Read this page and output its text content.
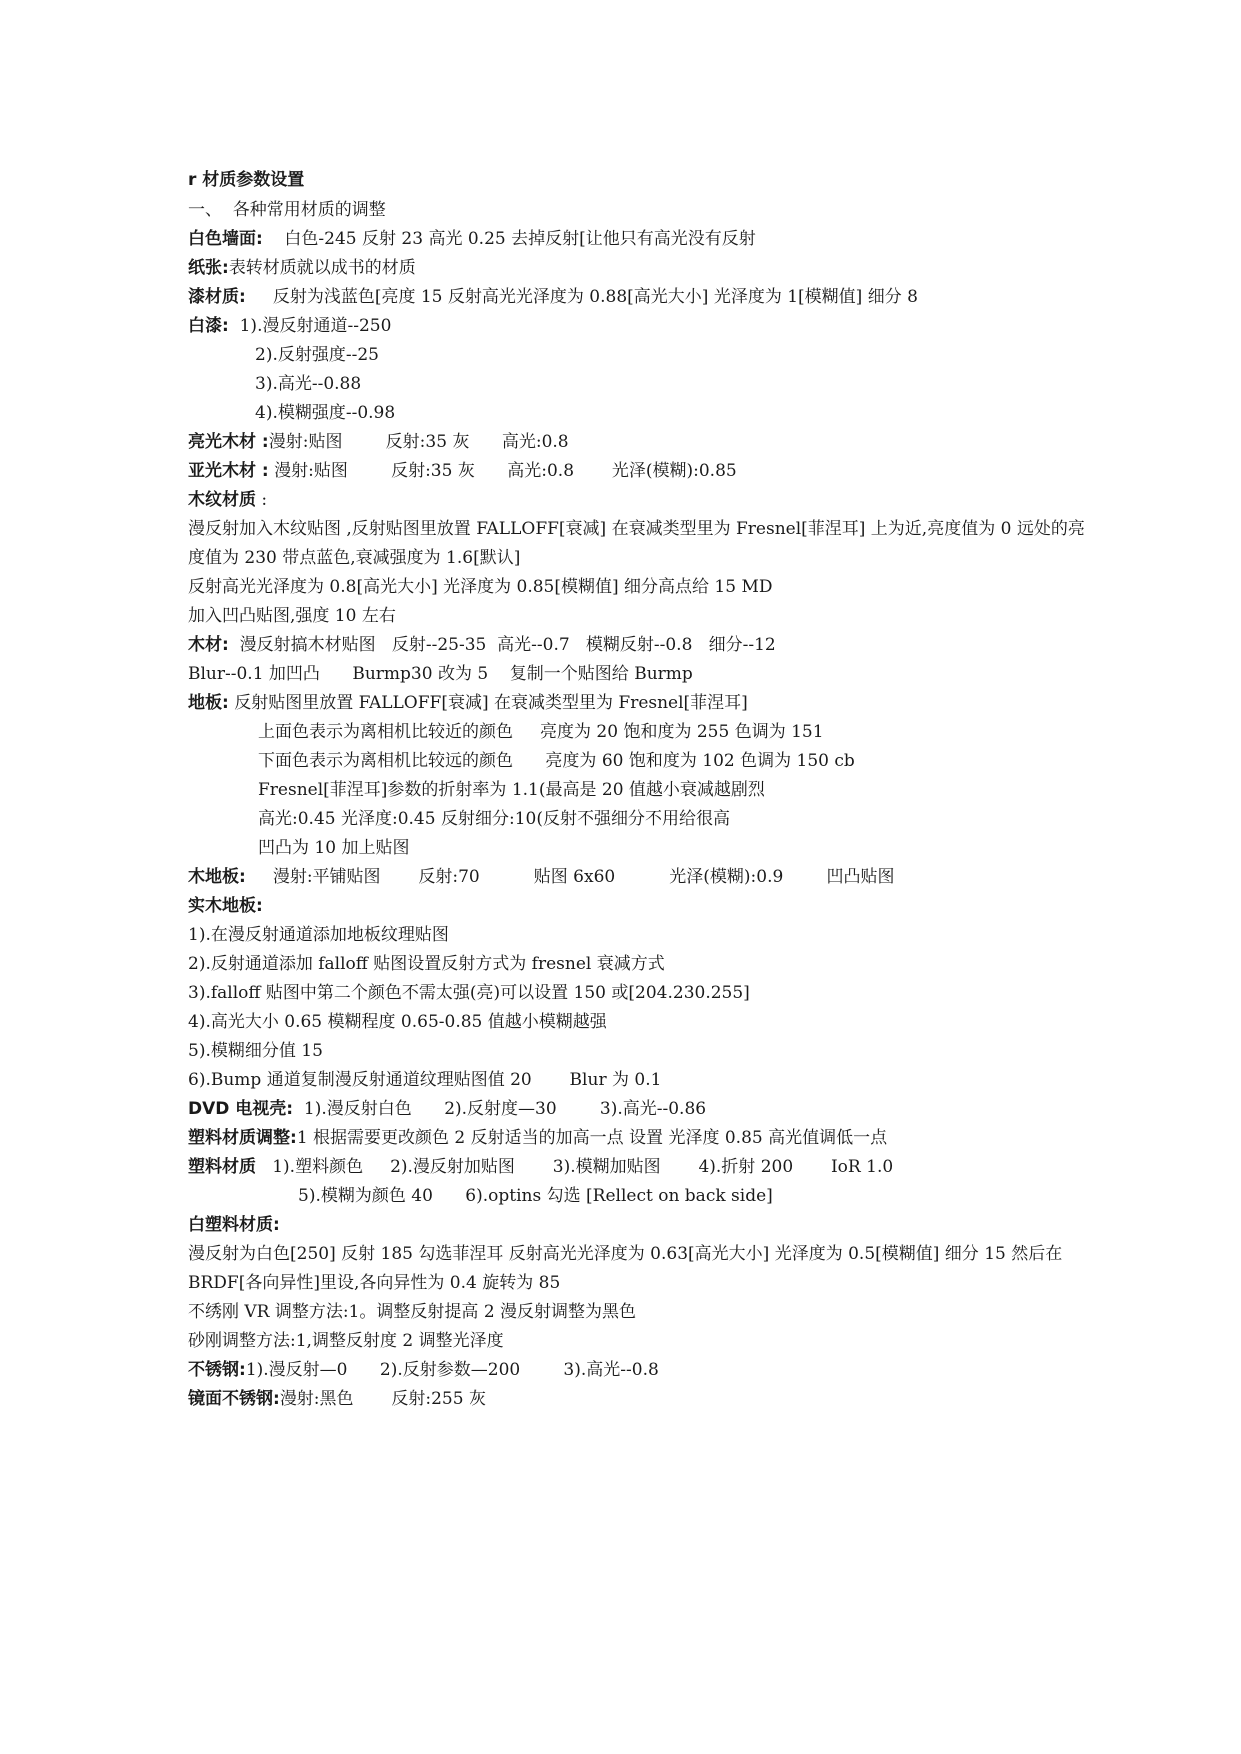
r 材质参数设置
一、  各种常用材质的调整
白色墙面:    白色-245 反射 23 高光 0.25 去掉反射[让他只有高光没有反射
纸张:表转材质就以成书的材质
漆材质:     反射为浅蓝色[亮度 15 反射高光光泽度为 0.88[高光大小] 光泽度为 1[模糊值] 细分 8
白漆:  1).漫反射通道--250
2).反射强度--25
3).高光--0.88
4).模糊强度--0.98
亮光木材 :漫射:贴图        反射:35 灰      高光:0.8
亚光木材 : 漫射:贴图        反射:35 灰      高光:0.8       光泽(模糊):0.85
木纹材质 :
漫反射加入木纹贴图 ,反射贴图里放置 FALLOFF[衰减] 在衰减类型里为 Fresnel[菲涅耳] 上为近,亮度值为 0 远处的亮
度值为 230 带点蓝色,衰减强度为 1.6[默认]
反射高光光泽度为 0.8[高光大小] 光泽度为 0.85[模糊值] 细分高点给 15 MD
加入凹凸贴图,强度 10 左右
木材:  漫反射搞木材贴图   反射--25-35  高光--0.7   模糊反射--0.8   细分--12
Blur--0.1 加凹凸      Burmp30 改为 5    复制一个贴图给 Burmp
地板: 反射贴图里放置 FALLOFF[衰减] 在衰减类型里为 Fresnel[菲涅耳]
上面色表示为离相机比较近的颜色     亮度为 20 饱和度为 255 色调为 151
下面色表示为离相机比较远的颜色      亮度为 60 饱和度为 102 色调为 150 cb
Fresnel[菲涅耳]参数的折射率为 1.1(最高是 20 值越小衰减越剧烈
高光:0.45 光泽度:0.45 反射细分:10(反射不强细分不用给很高
凹凸为 10 加上贴图
木地板:     漫射:平铺贴图       反射:70          贴图 6x60          光泽(模糊):0.9        凹凸贴图
实木地板:
1).在漫反射通道添加地板纹理贴图
2).反射通道添加 falloff 贴图设置反射方式为 fresnel 衰减方式
3).falloff 贴图中第二个颜色不需太强(亮)可以设置 150 或[204.230.255]
4).高光大小 0.65 模糊程度 0.65-0.85 值越小模糊越强
5).模糊细分值 15
6).Bump 通道复制漫反射通道纹理贴图值 20       Blur 为 0.1
DVD 电视壳:  1).漫反射白色      2).反射度—30        3).高光--0.86
塑料材质调整:1 根据需要更改颜色 2 反射适当的加高一点 设置 光泽度 0.85 高光值调低一点
塑料材质   1).塑料颜色     2).漫反射加贴图       3).模糊加贴图       4).折射 200       IoR 1.0
5).模糊为颜色 40      6).optins 勾选 [Rellect on back side]
白塑料材质:
漫反射为白色[250] 反射 185 勾选菲涅耳 反射高光光泽度为 0.63[高光大小] 光泽度为 0.5[模糊值] 细分 15 然后在
BRDF[各向异性]里设,各向异性为 0.4 旋转为 85
不绣刚 VR 调整方法:1。调整反射提高 2 漫反射调整为黑色
砂刚调整方法:1,调整反射度 2 调整光泽度
不锈钢:1).漫反射—0      2).反射参数—200        3).高光--0.8
镜面不锈钢:漫射:黑色       反射:255 灰
